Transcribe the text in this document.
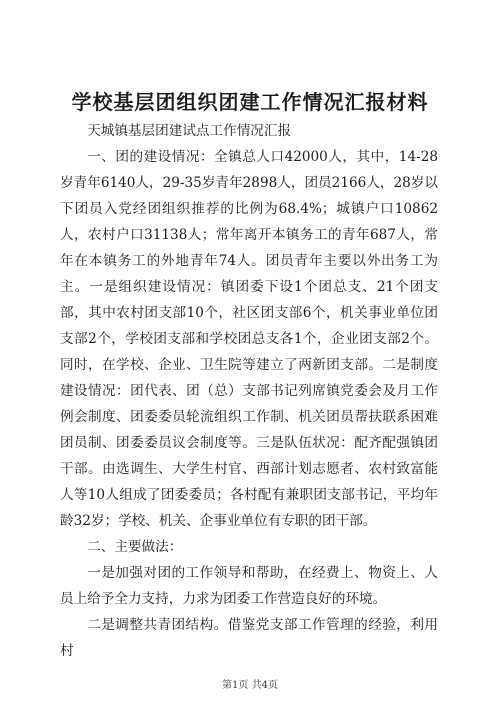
学校基层团组织团建工作情况汇报材料

天城镇基层团建试点工作情况汇报

一、团的建设情况：全镇总人口42000人，其中，14-28岁青年6140人，29-35岁青年2898人，团员2166人，28岁以下团员入党经团组织推荐的比例为68.4%；城镇户口10862人，农村户口31138人；常年离开本镇务工的青年687人，常年在本镇务工的外地青年74人。团员青年主要以外出务工为主。一是组织建设情况：镇团委下设1个团总支、21个团支部，其中农村团支部10个，社区团支部6个，机关事业单位团支部2个，学校团支部和学校团总支各1个，企业团支部2个。同时，在学校、企业、卫生院等建立了两新团支部。二是制度建设情况：团代表、团（总）支部书记列席镇党委会及月工作例会制度、团委委员轮流组织工作制、机关团员帮扶联系困难团员制、团委委员议会制度等。三是队伍状况：配齐配强镇团干部。由选调生、大学生村官、西部计划志愿者、农村致富能人等10人组成了团委委员；各村配有兼职团支部书记，平均年龄32岁；学校、机关、企事业单位有专职的团干部。

二、主要做法：

一是加强对团的工作领导和帮助，在经费上、物资上、人员上给予全力支持，力求为团委工作营造良好的环境。

二是调整共青团结构。借鉴党支部工作管理的经验，利用村

第1页 共4页
